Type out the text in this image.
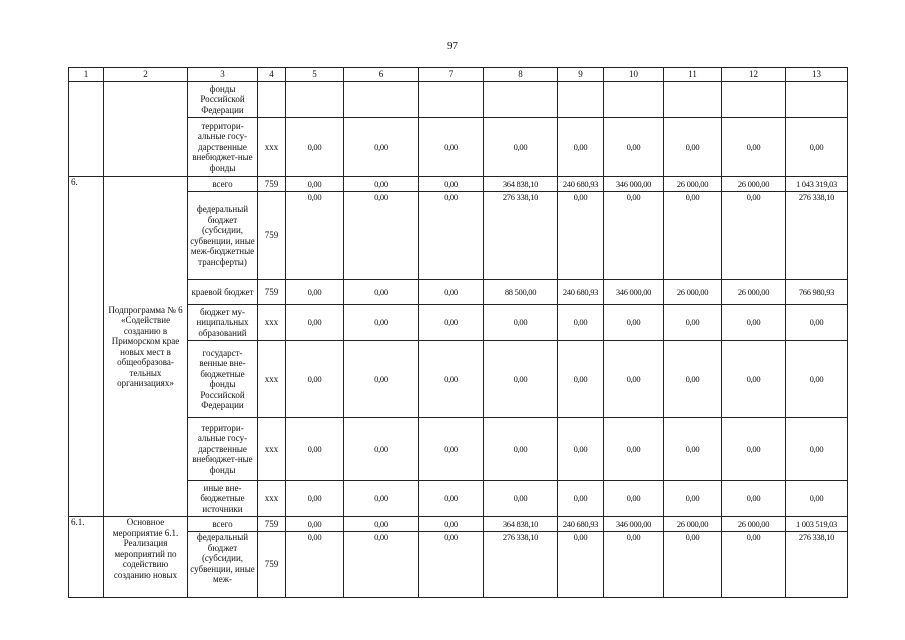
97
1	2	3	4	5	6	7	8	9	10	11	12	13
		фонды Российской Федерации										
		территори-альные госу-дарственные внебюджет-ные фонды	ххх	0,00	0,00	0,00	0,00	0,00	0,00	0,00	0,00	0,00
6.	Подпрограмма № 6 «Содействие созданию в Приморском крае новых мест в общеобразова-тельных организациях»	всего	759	0,00	0,00	0,00	364 838,10	240 680,93	346 000,00	26 000,00	26 000,00	1 043 319,03
		федеральный бюджет (субсидии, субвенции, иные меж-бюджетные трансферты)	759	0,00	0,00	0,00	276 338,10	0,00	0,00	0,00	0,00	276 338,10
		краевой бюджет	759	0,00	0,00	0,00	88 500,00	240 680,93	346 000,00	26 000,00	26 000,00	766 980,93
		бюджет му-ниципальных образований	ххх	0,00	0,00	0,00	0,00	0,00	0,00	0,00	0,00	0,00
		государст-венные вне-бюджетные фонды Российской Федерации	ххх	0,00	0,00	0,00	0,00	0,00	0,00	0,00	0,00	0,00
		территори-альные госу-дарственные внебюджет-ные фонды	ххх	0,00	0,00	0,00	0,00	0,00	0,00	0,00	0,00	0,00
		иные вне-бюджетные источники	ххх	0,00	0,00	0,00	0,00	0,00	0,00	0,00	0,00	0,00
6.1.	Основное мероприятие 6.1. Реализация мероприятий по содействию созданию новых	всего	759	0,00	0,00	0,00	364 838,10	240 680,93	346 000,00	26 000,00	26 000,00	1 003 519,03
		федеральный бюджет (субсидии, субвенции, иные меж-	759	0,00	0,00	0,00	276 338,10	0,00	0,00	0,00	0,00	276 338,10
